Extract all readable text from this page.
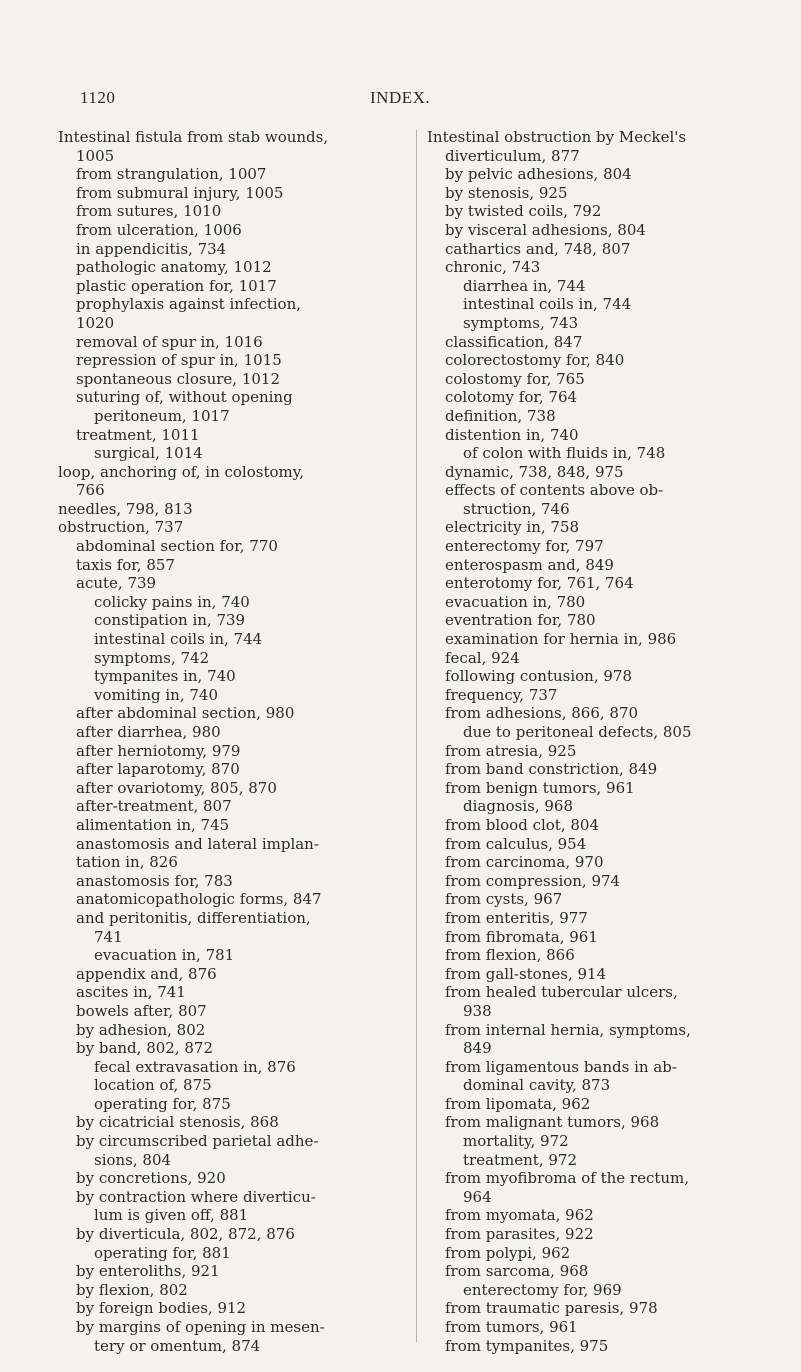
1120	INDEX.
Intestinal fistula from stab wounds,
1005
from strangulation, 1007
from submural injury, 1005
from sutures, 1010
from ulceration, 1006
in appendicitis, 734
pathologic anatomy, 1012
plastic operation for, 1017
prophylaxis against infection,
1020
removal of spur in, 1016
repression of spur in, 1015
spontaneous closure, 1012
suturing of, without opening
peritoneum, 1017
treatment, 1011
surgical, 1014
loop, anchoring of, in colostomy,
766
needles, 798, 813
obstruction, 737
abdominal section for, 770
taxis for, 857
acute, 739
colicky pains in, 740
constipation in, 739
intestinal coils in, 744
symptoms, 742
tympanites in, 740
vomiting in, 740
after abdominal section, 980
after diarrhea, 980
after herniotomy, 979
after laparotomy, 870
after ovariotomy, 805, 870
after-treatment, 807
alimentation in, 745
anastomosis and lateral implan-
tation in, 826
anastomosis for, 783
anatomicopathologic forms, 847
and peritonitis, differentiation,
741
evacuation in, 781
appendix and, 876
ascites in, 741
bowels after, 807
by adhesion, 802
by band, 802, 872
fecal extravasation in, 876
location of, 875
operating for, 875
by cicatricial stenosis, 868
by circumscribed parietal adhe-
sions, 804
by concretions, 920
by contraction where diverticu-
lum is given off, 881
by diverticula, 802, 872, 876
operating for, 881
by enteroliths, 921
by flexion, 802
by foreign bodies, 912
by margins of opening in mesen-
tery or omentum, 874
Intestinal obstruction by Meckel's
diverticulum, 877
by pelvic adhesions, 804
by stenosis, 925
by twisted coils, 792
by visceral adhesions, 804
cathartics and, 748, 807
chronic, 743
diarrhea in, 744
intestinal coils in, 744
symptoms, 743
classification, 847
colorectostomy for, 840
colostomy for, 765
colotomy for, 764
definition, 738
distention in, 740
of colon with fluids in, 748
dynamic, 738, 848, 975
effects of contents above ob-
struction, 746
electricity in, 758
enterectomy for, 797
enterospasm and, 849
enterotomy for, 761, 764
evacuation in, 780
eventration for, 780
examination for hernia in, 986
fecal, 924
following contusion, 978
frequency, 737
from adhesions, 866, 870
due to peritoneal defects, 805
from atresia, 925
from band constriction, 849
from benign tumors, 961
diagnosis, 968
from blood clot, 804
from calculus, 954
from carcinoma, 970
from compression, 974
from cysts, 967
from enteritis, 977
from fibromata, 961
from flexion, 866
from gall-stones, 914
from healed tubercular ulcers,
938
from internal hernia, symptoms,
849
from ligamentous bands in ab-
dominal cavity, 873
from lipomata, 962
from malignant tumors, 968
mortality, 972
treatment, 972
from myofibroma of the rectum,
964
from myomata, 962
from parasites, 922
from polypi, 962
from sarcoma, 968
enterectomy for, 969
from traumatic paresis, 978
from tumors, 961
from tympanites, 975
